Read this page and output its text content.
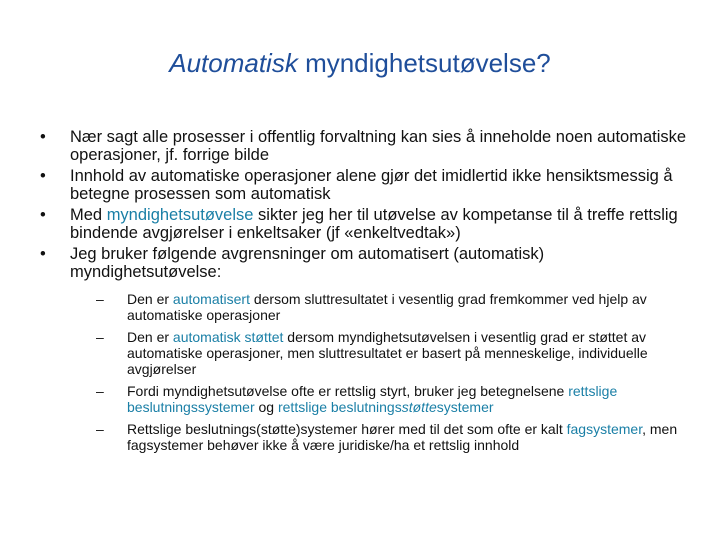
Automatisk myndighetsutøvelse?
• Nær sagt alle prosesser i offentlig forvaltning kan sies å inneholde noen automatiske operasjoner, jf. forrige bilde
• Innhold av automatiske operasjoner alene gjør det imidlertid ikke hensiktsmessig å betegne prosessen som automatisk
• Med myndighetsutøvelse sikter jeg her til utøvelse av kompetanse til å treffe rettslig bindende avgjørelser i enkeltsaker (jf «enkeltvedtak»)
• Jeg bruker følgende avgrensninger om automatisert (automatisk) myndighetsutøvelse:
– Den er automatisert dersom sluttresultatet i vesentlig grad fremkommer ved hjelp av automatiske operasjoner
– Den er automatisk støttet dersom myndighetsutøvelsen i vesentlig grad er støttet av automatiske operasjoner, men sluttresultatet er basert på menneskelige, individuelle avgjørelser
– Fordi myndighetsutøvelse ofte er rettslig styrt, bruker jeg betegnelsene rettslige beslutningssystemer og rettslige beslutningsstøttesystemer
– Rettslige beslutnings(støtte)systemer hører med til det som ofte er kalt fagsystemer, men fagsystemer behøver ikke å være juridiske/ha et rettslig innhold
